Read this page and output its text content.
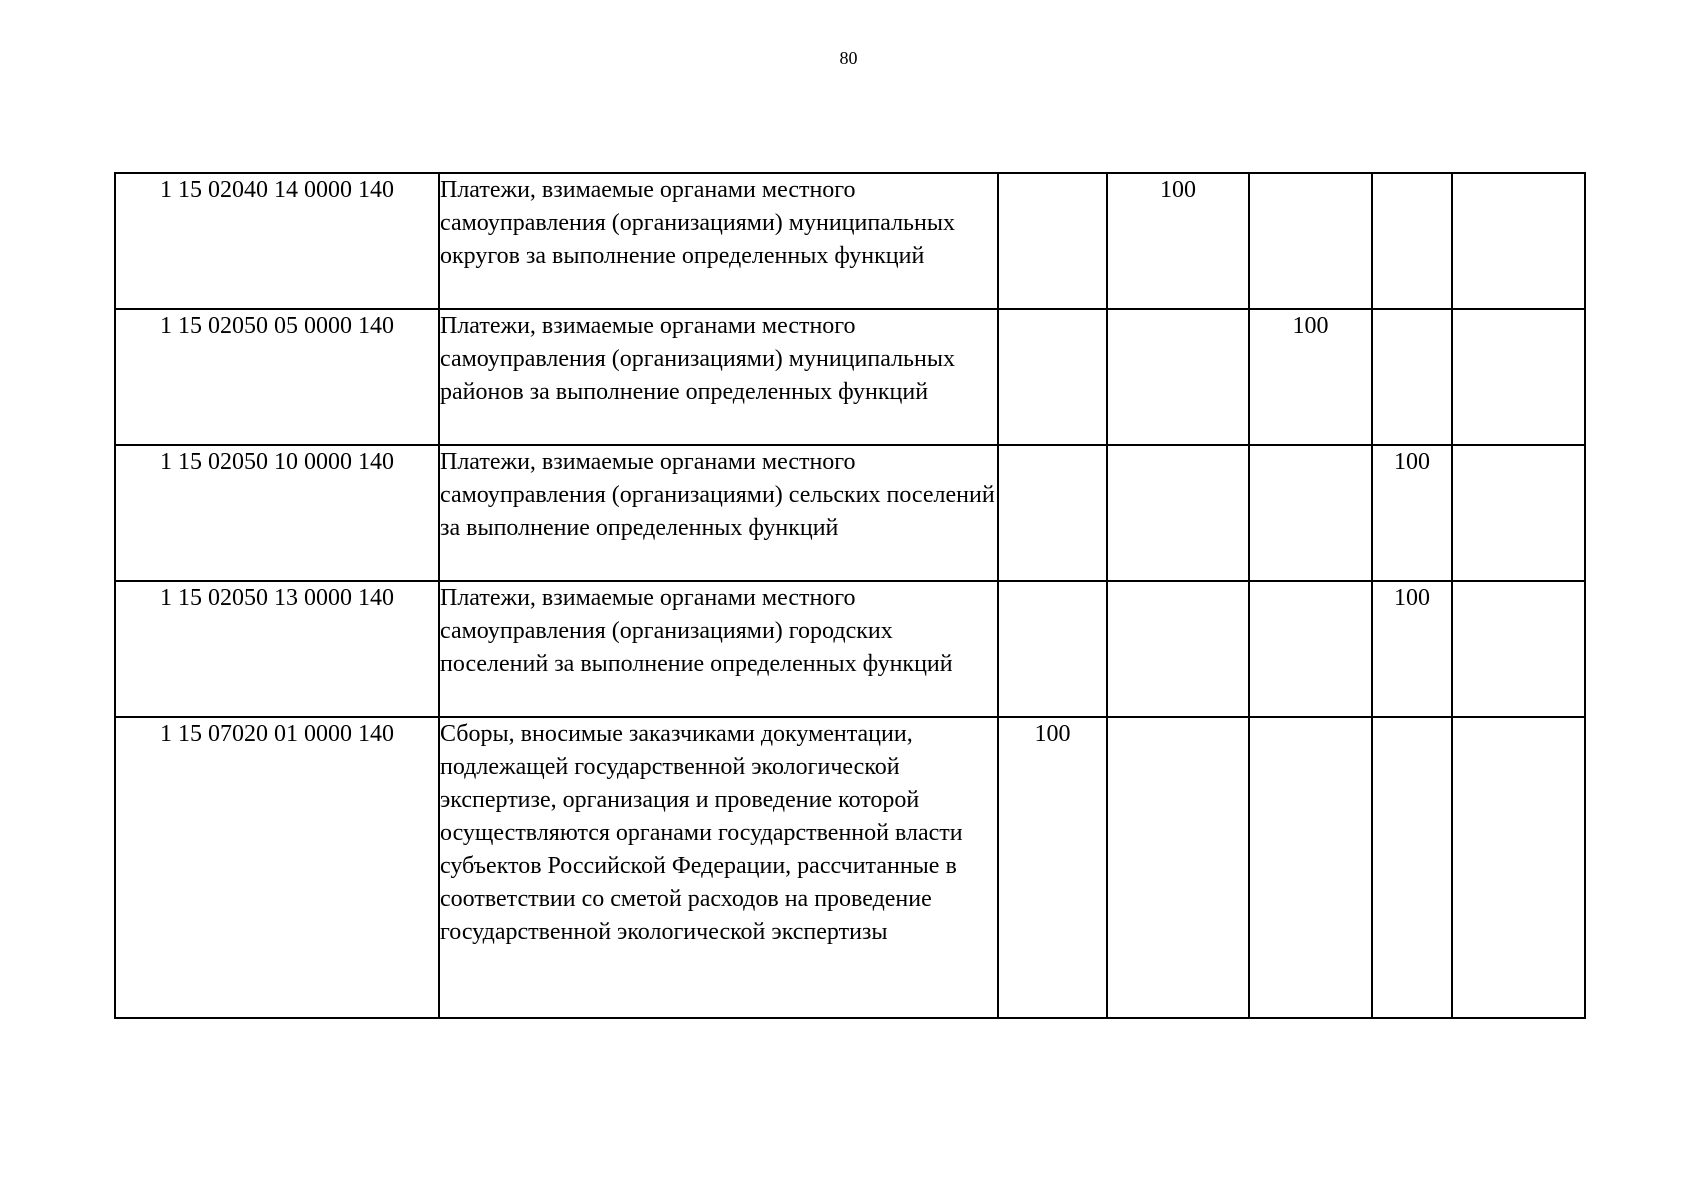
80
1 15 02040 14 0000 140	Платежи, взимаемые органами местного самоуправления (организациями) муниципальных округов за выполнение определенных функций		100			
1 15 02050 05 0000 140	Платежи, взимаемые органами местного самоуправления (организациями) муниципальных районов за выполнение определенных функций			100		
1 15 02050 10 0000 140	Платежи, взимаемые органами местного самоуправления (организациями) сельских поселений за выполнение определенных функций				100	
1 15 02050 13 0000 140	Платежи, взимаемые органами местного самоуправления (организациями) городских поселений за выполнение определенных функций				100	
1 15 07020 01 0000 140	Сборы, вносимые заказчиками документации, подлежащей государственной экологической экспертизе, организация и проведение которой осуществляются органами государственной власти субъектов Российской Федерации, рассчитанные в соответствии со сметой расходов на проведение государственной экологической экспертизы	100				
